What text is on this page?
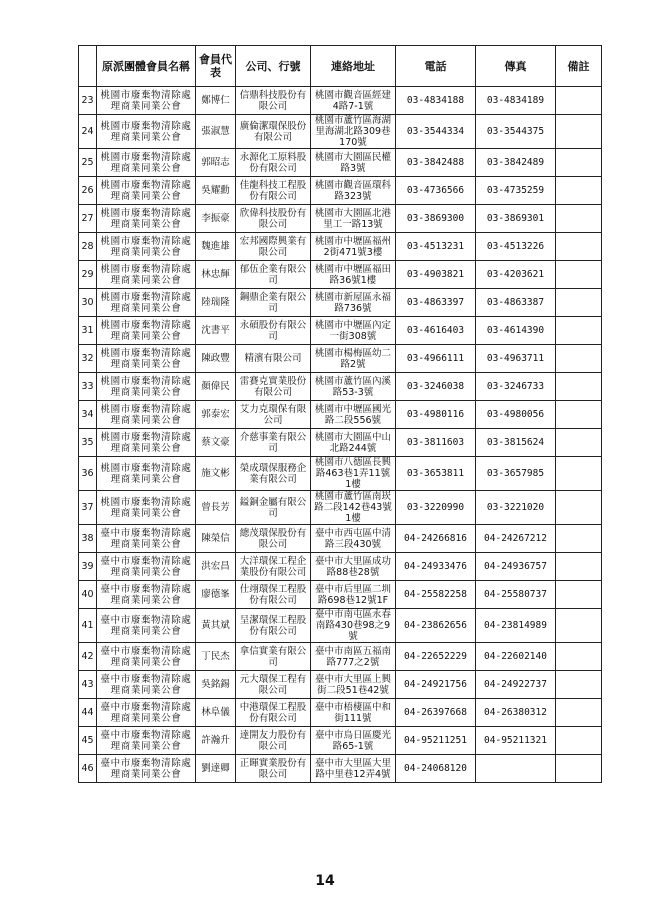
	原派團體會員名稱	會員代表	公司、行號	連絡地址	電話	傳真	備註
23	桃園市廢棄物清除處理商業同業公會	鄭博仁	信鼎科技股份有限公司	桃園市觀音區經建4路7-1號	03-4834188	03-4834189	
24	桃園市廢棄物清除處理商業同業公會	張淑慧	廣倫潔環保股份有限公司	桃園市蘆竹區海湖里海湖北路309巷170號	03-3544334	03-3544375	
25	桃園市廢棄物清除處理商業同業公會	郭昭志	永源化工原料股份有限公司	桃園市大園區民權路3號	03-3842488	03-3842489	
26	桃園市廢棄物清除處理商業同業公會	吳耀勳	佳龍科技工程股份有限公司	桃園市觀音區環科路323號	03-4736566	03-4735259	
27	桃園市廢棄物清除處理商業同業公會	李振豪	欣偉科技股份有限公司	桃園市大園區北港里工一路13號	03-3869300	03-3869301	
28	桃園市廢棄物清除處理商業同業公會	魏進雄	宏邦國際興業有限公司	桃園市中壢區福州2街471號3樓	03-4513231	03-4513226	
29	桃園市廢棄物清除處理商業同業公會	林忠輝	郁伍企業有限公司	桃園市中壢區福田路36號1樓	03-4903821	03-4203621	
30	桃園市廢棄物清除處理商業同業公會	陸瑞隆	鋼鼎企業有限公司	桃園市新屋區永福路736號	03-4863397	03-4863387	
31	桃園市廢棄物清除處理商業同業公會	沈書平	永碩股份有限公司	桃園市中壢區內定一街308號	03-4616403	03-4614390	
32	桃園市廢棄物清除處理商業同業公會	陳政豐	精濱有限公司	桃園市楊梅區幼二路2號	03-4966111	03-4963711	
33	桃園市廢棄物清除處理商業同業公會	顏偉民	雷賽克實業股份有限公司	桃園市蘆竹區內溪路53-3號	03-3246038	03-3246733	
34	桃園市廢棄物清除處理商業同業公會	郭泰宏	艾力克環保有限公司	桃園市中壢區國光路二段556號	03-4980116	03-4980056	
35	桃園市廢棄物清除處理商業同業公會	蔡文豪	介慈事業有限公司	桃園市大園區中山北路244號	03-3811603	03-3815624	
36	桃園市廢棄物清除處理商業同業公會	施文彬	榮成環保服務企業有限公司	桃園市八德區長興路463巷1弄11號1樓	03-3653811	03-3657985	
37	桃園市廢棄物清除處理商業同業公會	曾長芳	鎰銅金屬有限公司	桃園市蘆竹區南崁路二段142巷43號1樓	03-3220990	03-3221020	
38	臺中市廢棄物清除處理商業同業公會	陳榮信	總茂環保股份有限公司	臺中市西屯區中清路三段430號	04-24266816	04-24267212	
39	臺中市廢棄物清除處理商業同業公會	洪宏昌	大洋環保工程企業股份有限公司	臺中市大里區成功路88巷28號	04-24933476	04-24936757	
40	臺中市廢棄物清除處理商業同業公會	廖德峯	仕翊環保工程股份有限公司	臺中市后里區二圳路698巷12號1F	04-25582258	04-25580737	
41	臺中市廢棄物清除處理商業同業公會	黃其斌	呈潔環保工程股份有限公司	臺中市南屯區永春南路430巷98之9號	04-23862656	04-23814989	
42	臺中市廢棄物清除處理商業同業公會	丁民杰	拿信實業有限公司	臺中市南區五福南路777之2號	04-22652229	04-22602140	
43	臺中市廢棄物清除處理商業同業公會	吳銘錫	元大環保工程有限公司	臺中市大里區上興街二段51巷42號	04-24921756	04-24922737	
44	臺中市廢棄物清除處理商業同業公會	林阜儀	中港環保工程股份有限公司	臺中市梧棲區中和街111號	04-26397668	04-26380312	
45	臺中市廢棄物清除處理商業同業公會	許瀚升	達開友力股份有限公司	臺中市烏日區慶光路65-1號	04-95211251	04-95211321	
46	臺中市廢棄物清除處理商業同業公會	劉達卿	正暉實業股份有限公司	臺中市大里區大里路中里巷12弄4號	04-24068120		
14
